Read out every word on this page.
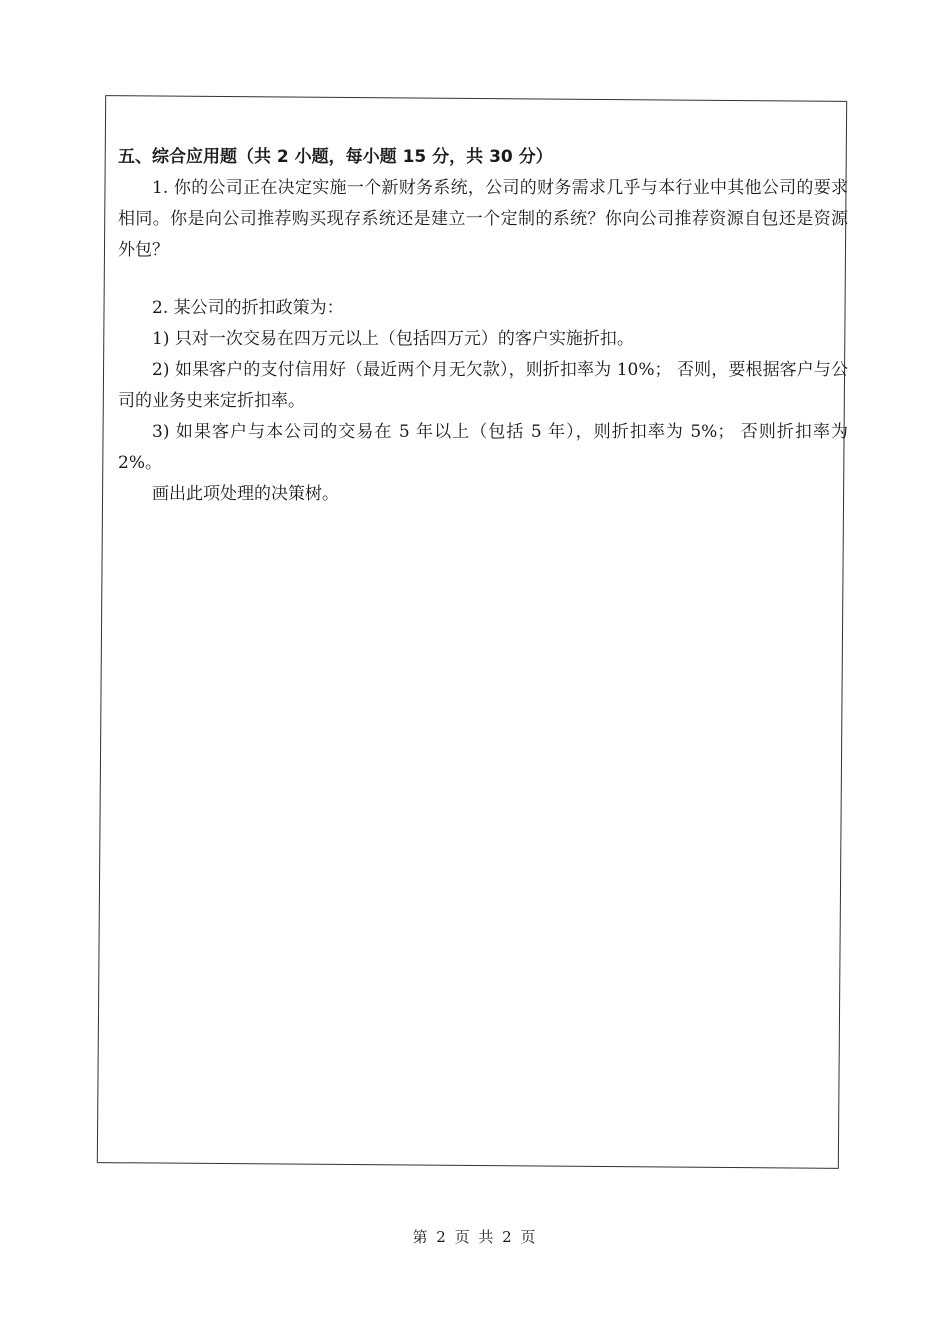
五、综合应用题（共 2 小题，每小题 15 分，共 30 分）

1. 你的公司正在决定实施一个新财务系统，公司的财务需求几乎与本行业中其他公司的要求相同。你是向公司推荐购买现存系统还是建立一个定制的系统？你向公司推荐资源自包还是资源外包？

2. 某公司的折扣政策为：

1) 只对一次交易在四万元以上（包括四万元）的客户实施折扣。

2) 如果客户的支付信用好（最近两个月无欠款），则折扣率为 10%； 否则，要根据客户与公司的业务史来定折扣率。

3) 如果客户与本公司的交易在 5 年以上（包括 5 年），则折扣率为 5%； 否则折扣率为 2%。

画出此项处理的决策树。

第 2 页 共 2 页
